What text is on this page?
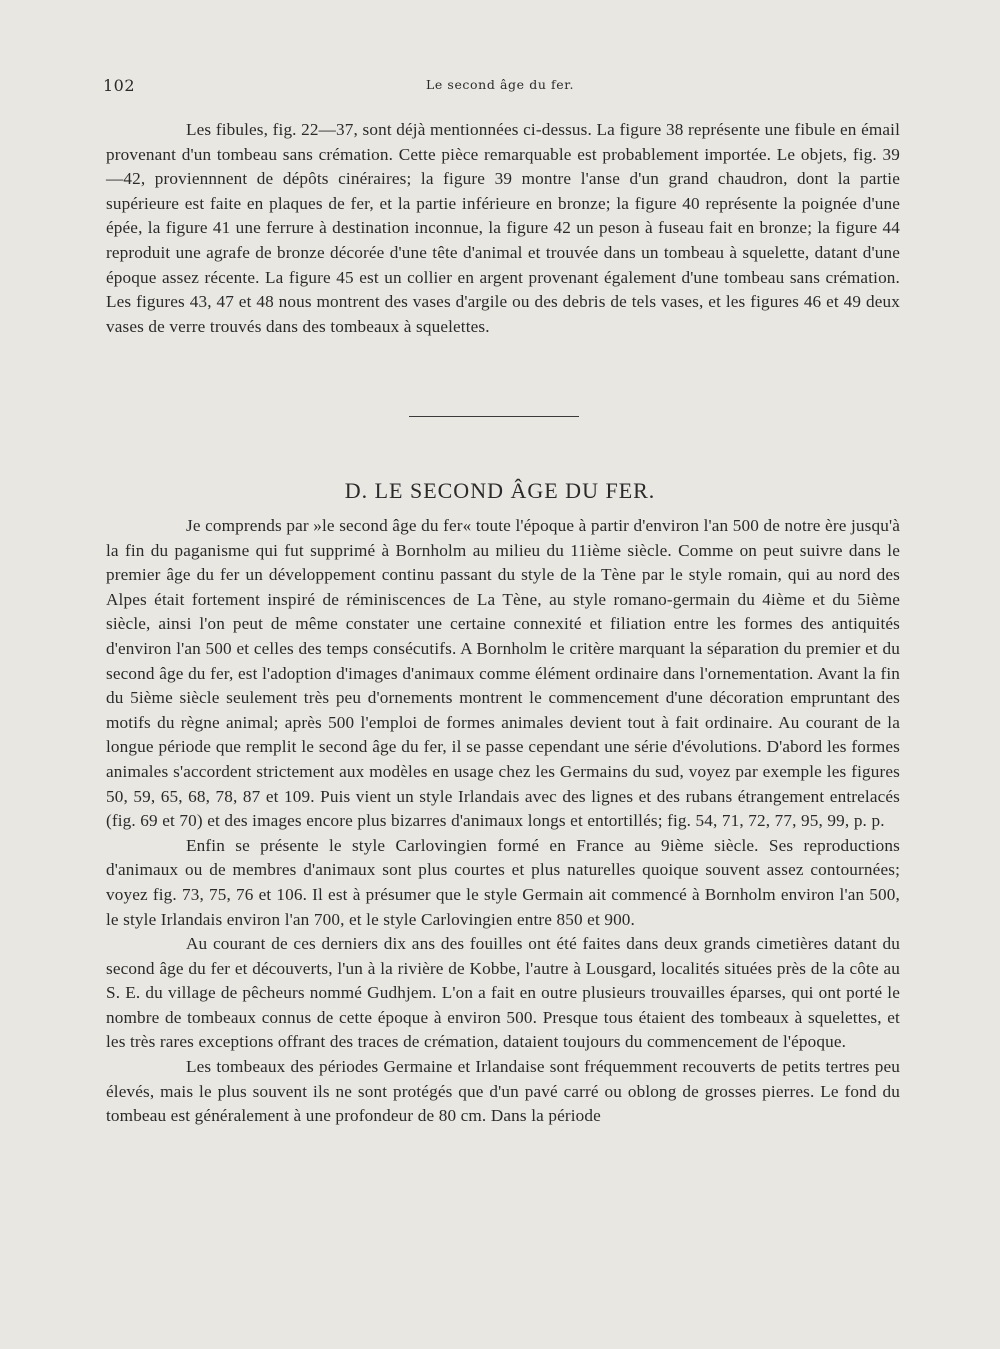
102	Le second âge du fer.

Les fibules, fig. 22—37, sont déjà mentionnées ci-dessus. La figure 38 représente une fibule en émail provenant d'un tombeau sans crémation. Cette pièce remarquable est probablement importée. Le objets, fig. 39—42, proviennnent de dépôts cinéraires; la figure 39 montre l'anse d'un grand chaudron, dont la partie supérieure est faite en plaques de fer, et la partie inférieure en bronze; la figure 40 représente la poignée d'une épée, la figure 41 une ferrure à destination inconnue, la figure 42 un peson à fuseau fait en bronze; la figure 44 reproduit une agrafe de bronze décorée d'une tête d'animal et trouvée dans un tombeau à squelette, datant d'une époque assez récente. La figure 45 est un collier en argent provenant également d'une tombeau sans crémation. Les figures 43, 47 et 48 nous montrent des vases d'argile ou des debris de tels vases, et les figures 46 et 49 deux vases de verre trouvés dans des tombeaux à squelettes.

D. LE SECOND ÂGE DU FER.

Je comprends par »le second âge du fer« toute l'époque à partir d'environ l'an 500 de notre ère jusqu'à la fin du paganisme qui fut supprimé à Bornholm au milieu du 11ième siècle. Comme on peut suivre dans le premier âge du fer un développement continu passant du style de la Tène par le style romain, qui au nord des Alpes était fortement inspiré de réminiscences de La Tène, au style romano-germain du 4ième et du 5ième siècle, ainsi l'on peut de même constater une certaine connexité et filiation entre les formes des antiquités d'environ l'an 500 et celles des temps consécutifs. A Bornholm le critère marquant la séparation du premier et du second âge du fer, est l'adoption d'images d'animaux comme élément ordinaire dans l'ornementation. Avant la fin du 5ième siècle seulement très peu d'ornements montrent le commencement d'une décoration empruntant des motifs du règne animal; après 500 l'emploi de formes animales devient tout à fait ordinaire. Au courant de la longue période que remplit le second âge du fer, il se passe cependant une série d'évolutions. D'abord les formes animales s'accordent strictement aux modèles en usage chez les Germains du sud, voyez par exemple les figures 50, 59, 65, 68, 78, 87 et 109. Puis vient un style Irlandais avec des lignes et des rubans étrangement entrelacés (fig. 69 et 70) et des images encore plus bizarres d'animaux longs et entortillés; fig. 54, 71, 72, 77, 95, 99, p. p.

Enfin se présente le style Carlovingien formé en France au 9ième siècle. Ses reproductions d'animaux ou de membres d'animaux sont plus courtes et plus naturelles quoique souvent assez contournées; voyez fig. 73, 75, 76 et 106. Il est à présumer que le style Germain ait commencé à Bornholm environ l'an 500, le style Irlandais environ l'an 700, et le style Carlovingien entre 850 et 900.

Au courant de ces derniers dix ans des fouilles ont été faites dans deux grands cimetières datant du second âge du fer et découverts, l'un à la rivière de Kobbe, l'autre à Lousgard, localités situées près de la côte au S. E. du village de pêcheurs nommé Gudhjem. L'on a fait en outre plusieurs trouvailles éparses, qui ont porté le nombre de tombeaux connus de cette époque à environ 500. Presque tous étaient des tombeaux à squelettes, et les très rares exceptions offrant des traces de crémation, dataient toujours du commencement de l'époque.

Les tombeaux des périodes Germaine et Irlandaise sont fréquemment recouverts de petits tertres peu élevés, mais le plus souvent ils ne sont protégés que d'un pavé carré ou oblong de grosses pierres. Le fond du tombeau est généralement à une profondeur de 80 cm. Dans la période
